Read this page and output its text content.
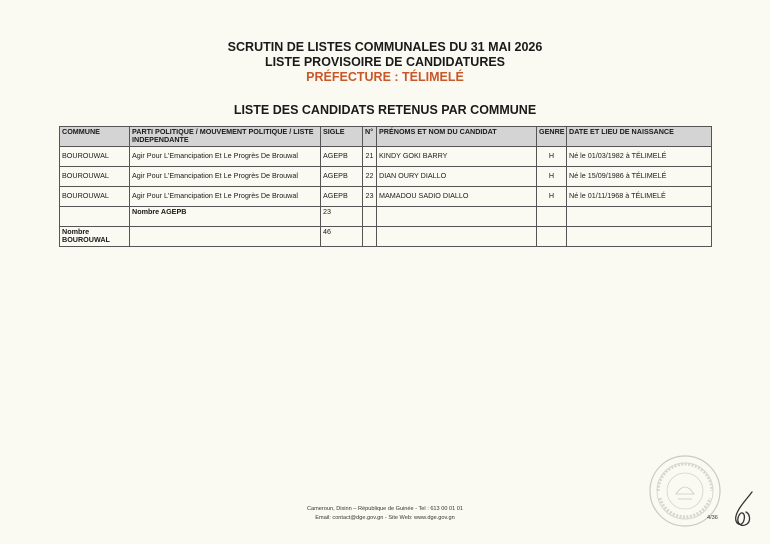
SCRUTIN DE LISTES COMMUNALES DU 31 MAI 2026
LISTE PROVISOIRE DE CANDIDATURES
PRÉFECTURE : TÉLIMELÉ
LISTE DES CANDIDATS RETENUS PAR COMMUNE
COMMUNE	PARTI POLITIQUE / MOUVEMENT POLITIQUE / LISTE INDEPENDANTE	SIGLE	N°	PRÉNOMS ET NOM DU CANDIDAT	GENRE	DATE ET LIEU DE NAISSANCE
BOUROUWAL	Agir Pour L'Emancipation Et Le Progrès De Brouwal	AGEPB	21	KINDY GOKI BARRY	H	Né le 01/03/1982 à TÉLIMELÉ
BOUROUWAL	Agir Pour L'Emancipation Et Le Progrès De Brouwal	AGEPB	22	DIAN OURY DIALLO	H	Né le 15/09/1986 à TÉLIMELÉ
BOUROUWAL	Agir Pour L'Emancipation Et Le Progrès De Brouwal	AGEPB	23	MAMADOU SADIO DIALLO	H	Né le 01/11/1968 à TÉLIMELÉ
	Nombre AGEPB	23				
Nombre BOUROUWAL		46				
Cameroun, Dixinn – République de Guinée - Tel : 613 00 01 01
Email: contact@dge.gov.gn - Site Web: www.dge.gov.gn	4/36
